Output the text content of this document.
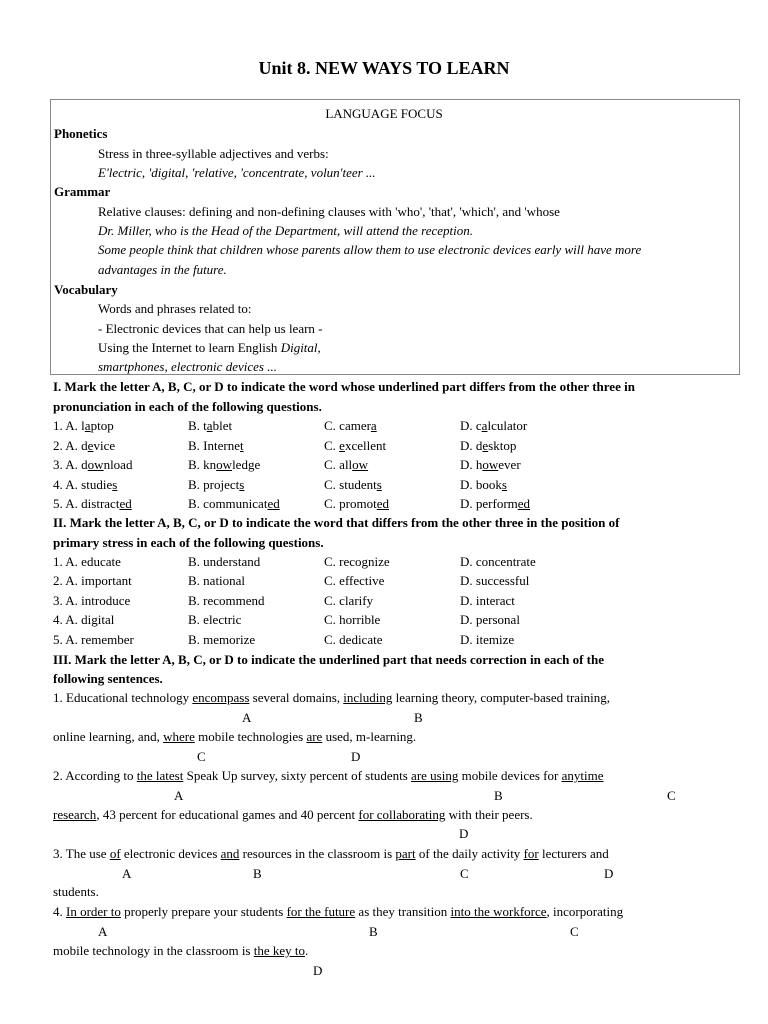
Unit 8. NEW WAYS TO LEARN
LANGUAGE FOCUS
Phonetics
Stress in three-syllable adjectives and verbs:
E'lectric, 'digital, 'relative, 'concentrate, volun'teer ...
Grammar
Relative clauses: defining and non-defining clauses with 'who', 'that', 'which', and 'whose
Dr. Miller, who is the Head of the Department, will attend the reception.
Some people think that children whose parents allow them to use electronic devices early will have more
advantages in the future.
Vocabulary
Words and phrases related to:
- Electronic devices that can help us learn -
Using the Internet to learn English Digital,
smartphones, electronic devices ...
I. Mark the letter A, B, C, or D to indicate the word whose underlined part differs from the other three in
pronunciation in each of the following questions.
1. A. laptop	B. tablet	C. camera	D. calculator
2. A. device	B. Internet	C. excellent	D. desktop
3. A. download	B. knowledge	C. allow	D. however
4. A. studies	B. projects	C. students	D. books
5. A. distracted	B. communicated	C. promoted	D. performed
II. Mark the letter A, B, C, or D to indicate the word that differs from the other three in the position of
primary stress in each of the following questions.
1. A. educate	B. understand	C. recognize	D. concentrate
2. A. important	B. national	C. effective	D. successful
3. A. introduce	B. recommend	C. clarify	D. interact
4. A. digital	B. electric	C. horrible	D. personal
5. A. remember	B. memorize	C. dedicate	D. itemize
III. Mark the letter A, B, C, or D to indicate the underlined part that needs correction in each of the
following sentences.
1. Educational technology encompass several domains, including learning theory, computer-based training,
A	B
online learning, and, where mobile technologies are used, m-learning.
C	D
2. According to the latest Speak Up survey, sixty percent of students are using mobile devices for anytime
A	B	C
research, 43 percent for educational games and 40 percent for collaborating with their peers.
D
3. The use of electronic devices and resources in the classroom is part of the daily activity for lecturers and
A	B	C	D
students.
4. In order to properly prepare your students for the future as they transition into the workforce, incorporating
A	B	C
mobile technology in the classroom is the key to.
D
